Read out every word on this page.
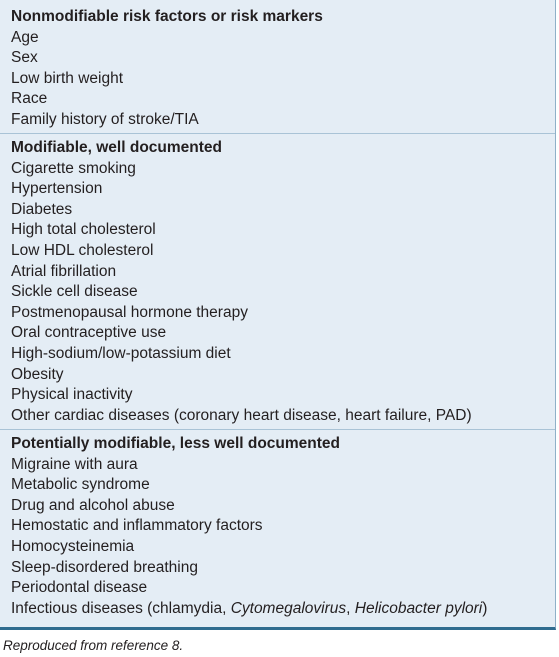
Nonmodifiable risk factors or risk markers
Age
Sex
Low birth weight
Race
Family history of stroke/TIA
Modifiable, well documented
Cigarette smoking
Hypertension
Diabetes
High total cholesterol
Low HDL cholesterol
Atrial fibrillation
Sickle cell disease
Postmenopausal hormone therapy
Oral contraceptive use
High-sodium/low-potassium diet
Obesity
Physical inactivity
Other cardiac diseases (coronary heart disease, heart failure, PAD)
Potentially modifiable, less well documented
Migraine with aura
Metabolic syndrome
Drug and alcohol abuse
Hemostatic and inflammatory factors
Homocysteinemia
Sleep-disordered breathing
Periodontal disease
Infectious diseases (chlamydia, Cytomegalovirus, Helicobacter pylori)
Reproduced from reference 8.
